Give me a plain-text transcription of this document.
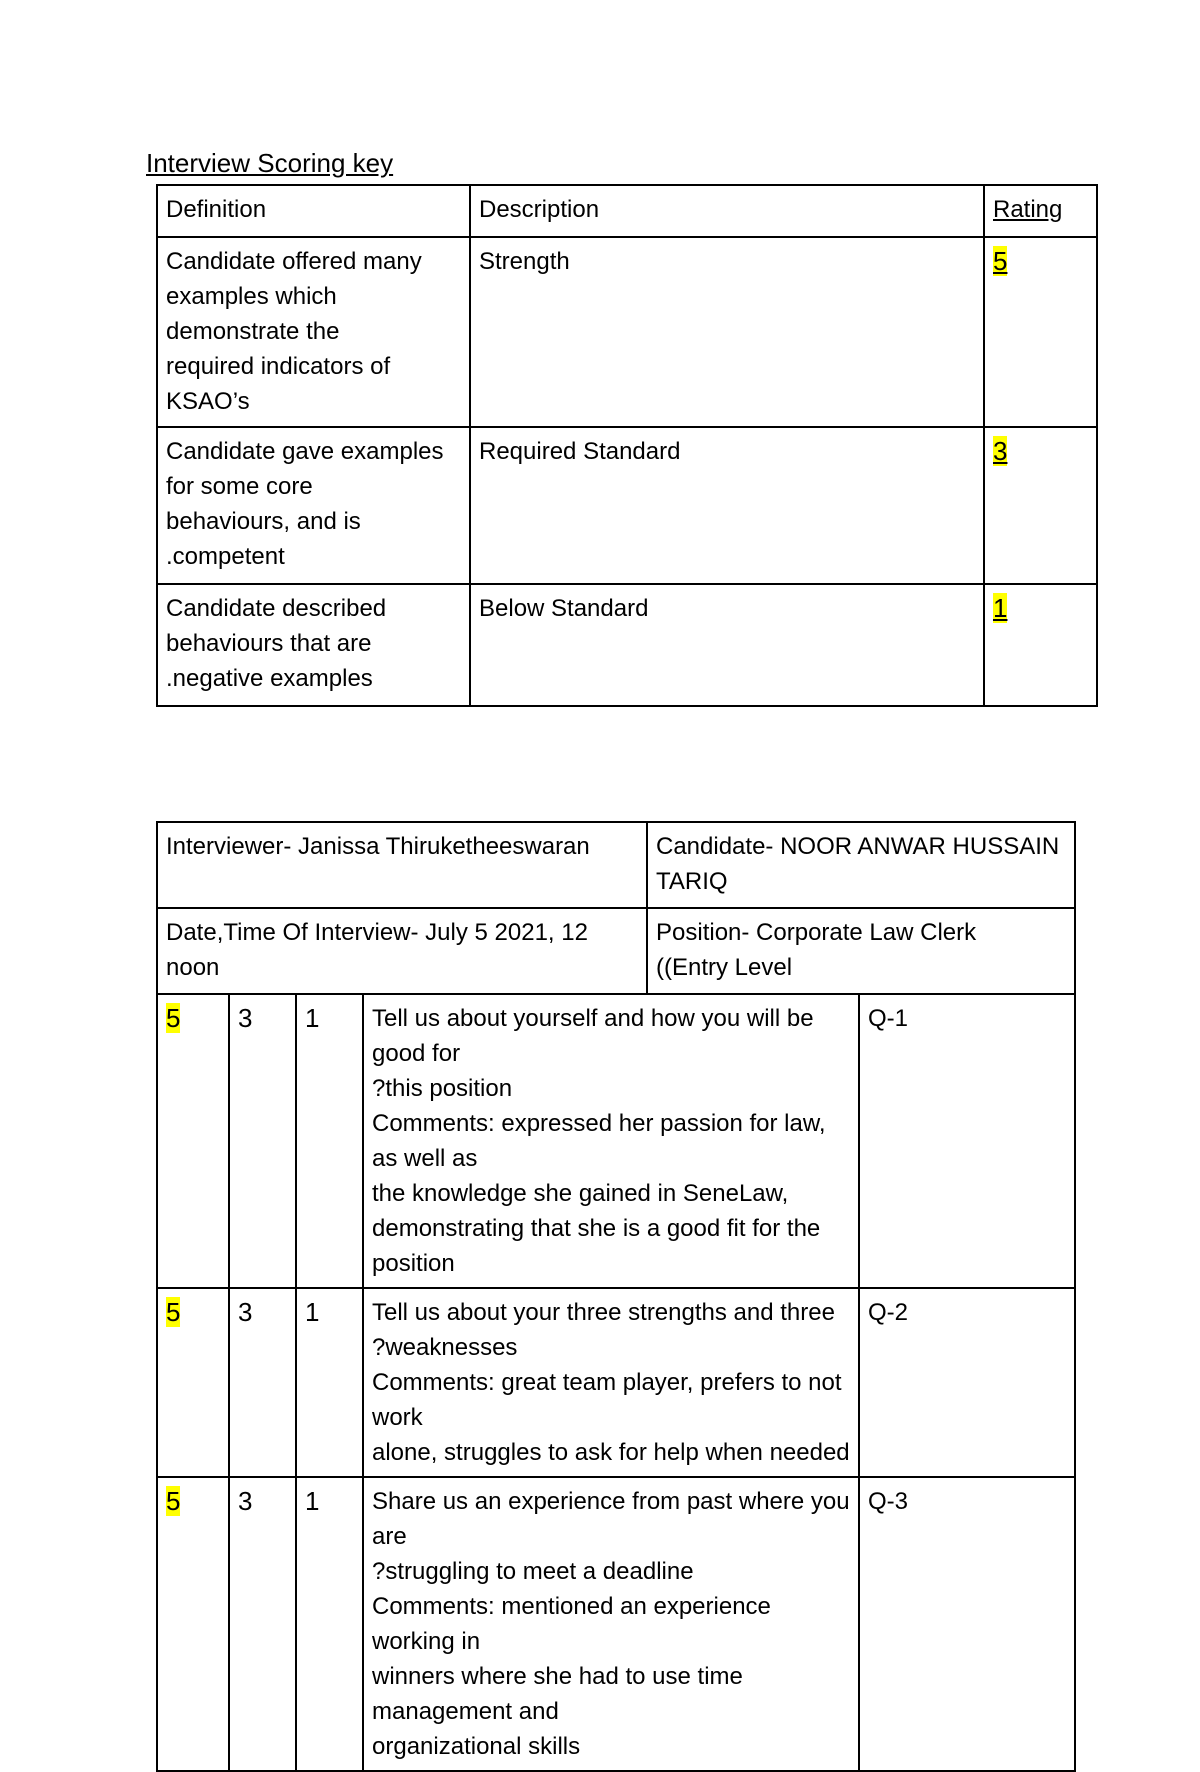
Interview Scoring key
Definition	Description	Rating

Candidate offered many
examples which
demonstrate the
required indicators of
KSAO’s	Strength	5

Candidate gave examples
for some core
behaviours, and is
.competent	Required Standard	3

Candidate described
behaviours that are
.negative examples	Below Standard	1
Interviewer- Janissa Thiruketheeswaran				Candidate- NOOR ANWAR HUSSAIN
TARIQ	

Date,Time Of Interview- July 5 2021, 12
noon				Position- Corporate Law Clerk
((Entry Level	

5	3	1	Tell us about yourself and how you will be good for
?this position
Comments: expressed her passion for law, as well as
the knowledge she gained in SeneLaw,
demonstrating that she is a good fit for the position		Q-1
5	3	1	Tell us about your three strengths and three
?weaknesses
Comments: great team player, prefers to not work
alone, struggles to ask for help when needed		Q-2
5	3	1	Share us an experience from past where you are
?struggling to meet a deadline
Comments: mentioned an experience working in
winners where she had to use time management and
organizational skills		Q-3
